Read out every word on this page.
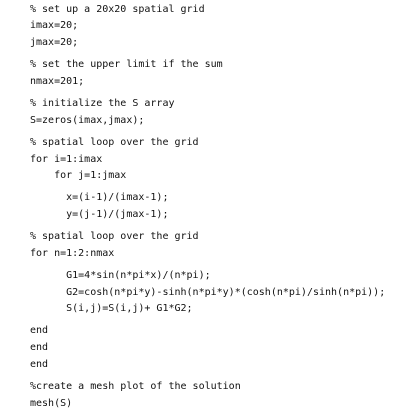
% set up a 20x20 spatial grid
imax=20;
jmax=20;
% set the upper limit if the sum
nmax=201;
% initialize the S array
S=zeros(imax,jmax);
% spatial loop over the grid
for i=1:imax
for j=1:jmax
x=(i-1)/(imax-1);
y=(j-1)/(jmax-1);
% spatial loop over the grid
for n=1:2:nmax
G1=4*sin(n*pi*x)/(n*pi);
G2=cosh(n*pi*y)-sinh(n*pi*y)*(cosh(n*pi)/sinh(n*pi));
S(i,j)=S(i,j)+ G1*G2;
end
end
end
%create a mesh plot of the solution
mesh(S)
